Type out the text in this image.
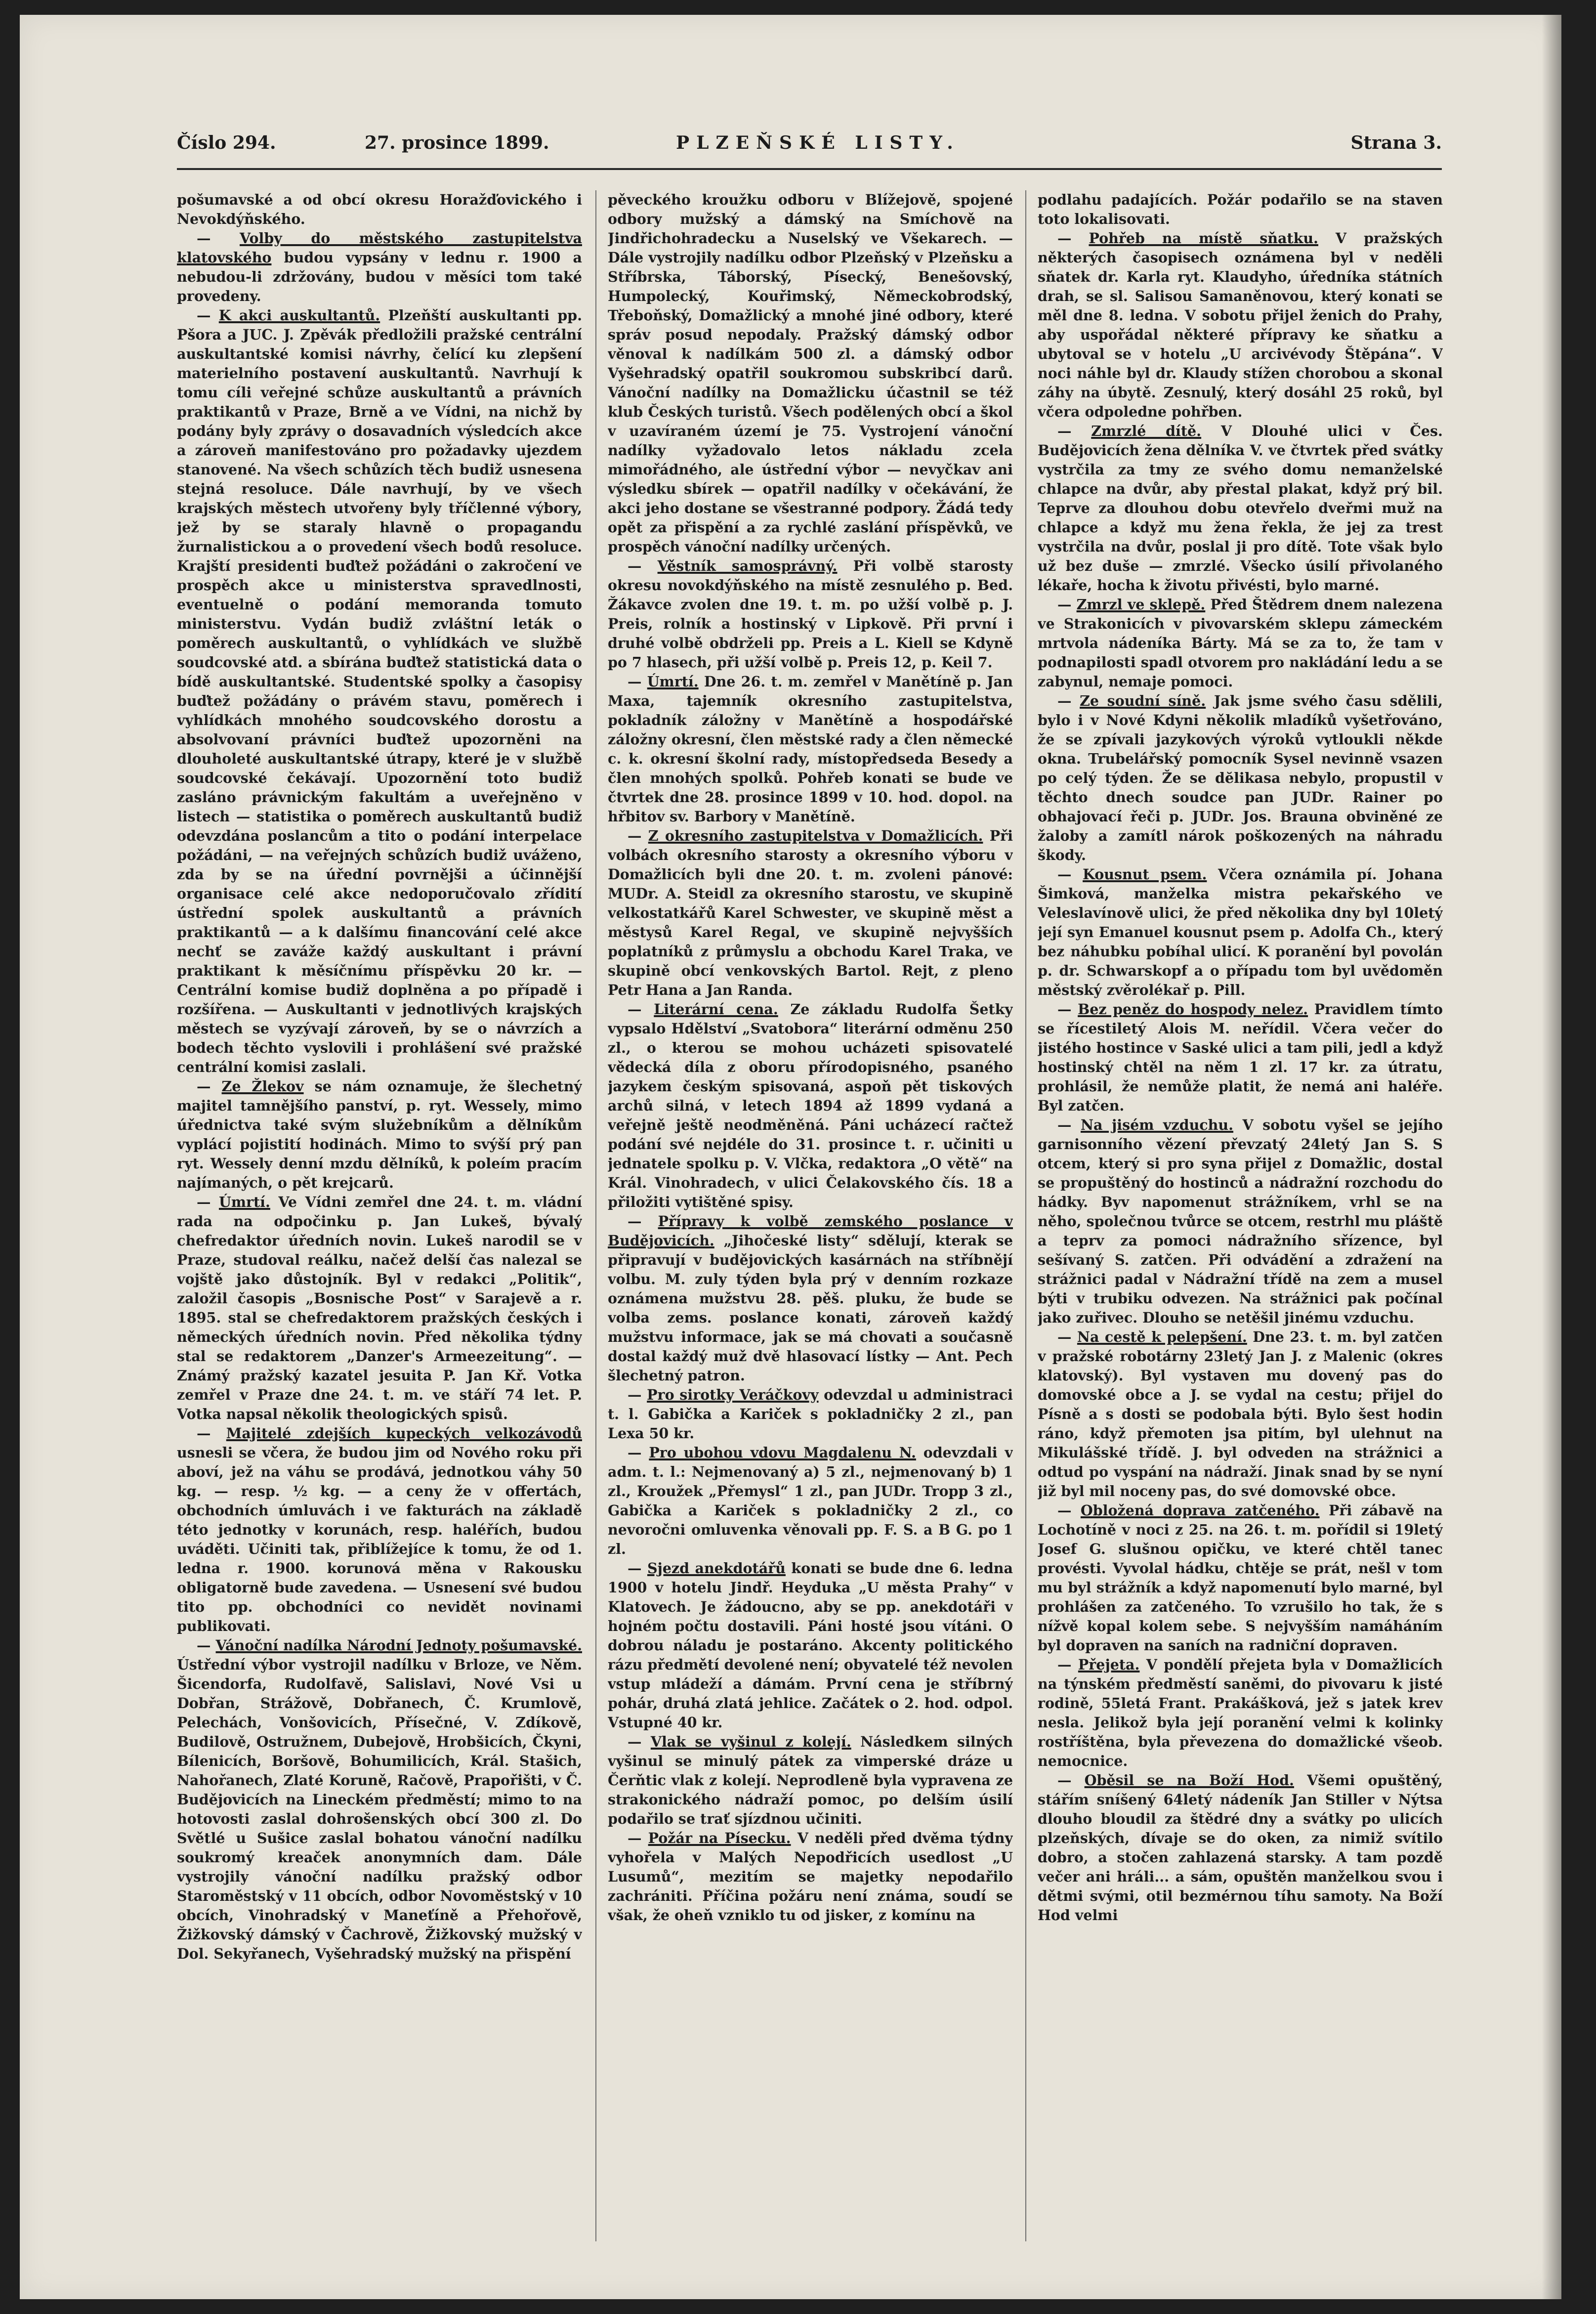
Číslo 294.	27. prosince 1899.	PLZEŇSKÉ LISTY.	Strana 3.

pošumavské a od obcí okresu Horažďovického i Nevokdýňského.

— Volby do městského zastupitelstva klatovského budou vypsány v lednu r. 1900 a nebudou-li zdržovány, budou v měsíci tom také provedeny.

— K akci auskultantů. Plzeňští auskultanti pp. Pšora a JUC. J. Zpěvák předložili pražské centrální auskultantské komisi návrhy, čelící ku zlepšení materielního postavení auskultantů. Navrhují k tomu cíli veřejné schůze auskultantů a právních praktikantů v Praze, Brně a ve Vídni, na nichž by podány byly zprávy o dosavadních výsledcích akce a zároveň manifestováno pro požadavky ujezdem stanovené. Na všech schůzích těch budiž usnesena stejná resoluce. Dále navrhují, by ve všech krajských městech utvořeny byly tříčlenné výbory, jež by se staraly hlavně o propagandu žurnalistickou a o provedení všech bodů resoluce. Krajští presidenti buďtež požádáni o zakročení ve prospěch akce u ministerstva spravedlnosti, eventuelně o podání memoranda tomuto ministerstvu. Vydán budiž zvláštní leták o poměrech auskultantů, o vyhlídkách ve službě soudcovské atd. a sbírána buďtež statistická data o bídě auskultantské. Studentské spolky a časopisy buďtež požádány o právém stavu, poměrech i vyhlídkách mnohého soudcovského dorostu a absolvovaní právníci buďtež upozorněni na dlouholeté auskultantské útrapy, které je v službě soudcovské čekávají. Upozornění toto budiž zasláno právnickým fakultám a uveřejněno v listech — statistika o poměrech auskultantů budiž odevzdána poslancům a tito o podání interpelace požádáni, — na veřejných schůzích budiž uváženo, zda by se na úřední povrnějši a účinnější organisace celé akce nedoporučovalo zřídití ústřední spolek auskultantů a právních praktikantů — a k dalšímu financování celé akce nechť se zaváže každý auskultant i právní praktikant k měsíčnímu příspěvku 20 kr. — Centrální komise budiž doplněna a po případě i rozšířena. — Auskultanti v jednotlivých krajských městech se vyzývají zároveň, by se o návrzích a bodech těchto vyslovili i prohlášení své pražské centrální komisi zaslali.

— Ze Žlekov se nám oznamuje, že šlechetný majitel tamnějšího panství, p. ryt. Wessely, mimo úřednictva také svým služebníkům a dělníkům vyplácí pojistití hodinách. Mimo to svýší prý pan ryt. Wessely denní mzdu dělníků, k poleím pracím najímaných, o pět krejcarů.

— Úmrtí. Ve Vídni zemřel dne 24. t. m. vládní rada na odpočinku p. Jan Lukeš, bývalý chefredaktor úředních novin. Lukeš narodil se v Praze, studoval reálku, načež delší čas nalezal se vojště jako důstojník. Byl v redakci „Politik“, založil časopis „Bosnische Post“ v Sarajevě a r. 1895. stal se chefredaktorem pražských českých i německých úředních novin. Před několika týdny stal se redaktorem „Danzer's Armeezeitung“. — Známý pražský kazatel jesuita P. Jan Kř. Votka zemřel v Praze dne 24. t. m. ve stáří 74 let. P. Votka napsal několik theologických spisů.

— Majitelé zdejších kupeckých velkozávodů usnesli se včera, že budou jim od Nového roku při aboví, jež na váhu se prodává, jednotkou váhy 50 kg. — resp. ½ kg. — a ceny že v offertách, obchodních úmluvách i ve fakturách na základě této jednotky v korunách, resp. haléřích, budou uváděti. Učiniti tak, přiblížejíce k tomu, že od 1. ledna r. 1900. korunová měna v Rakousku obligatorně bude zavedena. — Usnesení své budou tito pp. obchodníci co nevidět novinami publikovati.

— Vánoční nadílka Národní Jednoty pošumavské. Ústřední výbor vystrojil nadílku v Brloze, ve Něm. Šicendorfa, Rudolfavě, Salislavi, Nové Vsi u Dobřan, Strážově, Dobřanech, Č. Krumlově, Pelechách, Vonšovicích, Přísečné, V. Zdíkově, Budilově, Ostružnem, Dubejově, Hrobšicích, Čkyni, Bílenicích, Boršově, Bohumilicích, Král. Stašich, Nahořanech, Zlaté Koruně, Račově, Prapořišti, v Č. Budějovicích na Lineckém předměstí; mimo to na hotovosti zaslal dohrošenských obcí 300 zl. Do Světlé u Sušice zaslal bohatou vánoční nadílku soukromý kreaček anonymních dam. Dále vystrojily vánoční nadílku pražský odbor Staroměstský v 11 obcích, odbor Novoměstský v 10 obcích, Vinohradský v Maneťíně a Přehořově, Žižkovský dámský v Čachrově, Žižkovský mužský v Dol. Sekyřanech, Vyšehradský mužský na přispění

pěveckého kroužku odboru v Blížejově, spojené odbory mužský a dámský na Smíchově na Jindřichohradecku a Nuselský ve Všekarech. — Dále vystrojily nadílku odbor Plzeňský v Plzeňsku a Stříbrska, Táborský, Písecký, Benešovský, Humpolecký, Kouřimský, Německobrodský, Třeboňský, Domažlický a mnohé jiné odbory, které správ posud nepodaly. Pražský dámský odbor věnoval k nadílkám 500 zl. a dámský odbor Vyšehradský opatřil soukromou subskribcí darů. Vánoční nadílky na Domažlicku účastnil se též klub Českých turistů. Všech podělených obcí a škol v uzavíraném území je 75. Vystrojení vánoční nadílky vyžadovalo letos nákladu zcela mimořádného, ale ústřední výbor — nevyčkav ani výsledku sbírek — opatřil nadílky v očekávání, že akci jeho dostane se všestranné podpory. Žádá tedy opět za přispění a za rychlé zaslání příspěvků, ve prospěch vánoční nadílky určených.

— Věstník samosprávný. Při volbě starosty okresu novokdýňského na místě zesnulého p. Bed. Žákavce zvolen dne 19. t. m. po užší volbě p. J. Preis, rolník a hostinský v Lipkově. Při první i druhé volbě obdrželi pp. Preis a L. Kiell se Kdyně po 7 hlasech, při užší volbě p. Preis 12, p. Keil 7.

— Úmrtí. Dne 26. t. m. zemřel v Manětíně p. Jan Maxa, tajemník okresního zastupitelstva, pokladník záložny v Manětíně a hospodářské záložny okresní, člen městské rady a člen německé c. k. okresní školní rady, místopředseda Besedy a člen mnohých spolků. Pohřeb konati se bude ve čtvrtek dne 28. prosince 1899 v 10. hod. dopol. na hřbitov sv. Barbory v Manětíně.

— Z okresního zastupitelstva v Domažlicích. Při volbách okresního starosty a okresního výboru v Domažlicích byli dne 20. t. m. zvoleni pánové: MUDr. A. Steidl za okresního starostu, ve skupině velkostatkářů Karel Schwester, ve skupině měst a městysů Karel Regal, ve skupině nejvyšších poplatníků z průmyslu a obchodu Karel Traka, ve skupině obcí venkovských Bartol. Rejt, z pleno Petr Hana a Jan Randa.

— Literární cena. Ze základu Rudolfa Šetky vypsalo Hdělství „Svatobora“ literární odměnu 250 zl., o kterou se mohou ucházeti spisovatelé vědecká díla z oboru přírodopisného, psaného jazykem českým spisovaná, aspoň pět tiskových archů silná, v letech 1894 až 1899 vydaná a veřejně ještě neodměněná. Páni ucházecí račtež podání své nejdéle do 31. prosince t. r. učiniti u jednatele spolku p. V. Vlčka, redaktora „O větě“ na Král. Vinohradech, v ulici Čelakovského čís. 18 a přiložiti vytištěné spisy.

— Přípravy k volbě zemského poslance v Budějovicích. „Jihočeské listy“ sdělují, kterak se připravují v budějovických kasárnách na stříbnějí volbu. M. zuly týden byla prý v denním rozkaze oznámena mužstvu 28. pěš. pluku, že bude se volba zems. poslance konati, zároveň každý mužstvu informace, jak se má chovati a současně dostal každý muž dvě hlasovací lístky — Ant. Pech šlechetný patron.

— Pro sirotky Veráčkovy odevzdal u administraci t. l. Gabička a Kariček s pokladničky 2 zl., pan Lexa 50 kr.

— Pro ubohou vdovu Magdalenu N. odevzdali v adm. t. l.: Nejmenovaný a) 5 zl., nejmenovaný b) 1 zl., Kroužek „Přemysl“ 1 zl., pan JUDr. Tropp 3 zl., Gabička a Kariček s pokladničky 2 zl., co nevoročni omluvenka věnovali pp. F. S. a B G. po 1 zl.

— Sjezd anekdotářů konati se bude dne 6. ledna 1900 v hotelu Jindř. Heyduka „U města Prahy“ v Klatovech. Je žádoucno, aby se pp. anekdotáři v hojném počtu dostavili. Páni hosté jsou vítáni. O dobrou náladu je postaráno. Akcenty politického rázu předmětí devolené není; obyvatelé též nevolen vstup mládeží a dámám. První cena je stříbrný pohár, druhá zlatá jehlice. Začátek o 2. hod. odpol. Vstupné 40 kr.

— Vlak se vyšinul z kolejí. Následkem silných vyšinul se minulý pátek za vimperské dráze u Čerňtic vlak z kolejí. Neprodleně byla vypravena ze strakonického nádraží pomoc, po delším úsilí podařilo se trať sjízdnou učiniti.

— Požár na Písecku. V neděli před dvěma týdny vyhořela v Malých Nepodřicích usedlost „U Lusumů“, mezitím se majetky nepodařilo zachrániti. Příčina požáru není známa, soudí se však, že oheň vzniklo tu od jisker, z komínu na

podlahu padajících. Požár podařilo se na staven toto lokalisovati.

— Pohřeb na místě sňatku. V pražských některých časopisech oznámena byl v neděli sňatek dr. Karla ryt. Klaudyho, úředníka státních drah, se sl. Salisou Samaněnovou, který konati se měl dne 8. ledna. V sobotu přijel ženich do Prahy, aby uspořádal některé přípravy ke sňatku a ubytoval se v hotelu „U arcivévody Štěpána“. V noci náhle byl dr. Klaudy stížen chorobou a skonal záhy na úbytě. Zesnulý, který dosáhl 25 roků, byl včera odpoledne pohřben.

— Zmrzlé dítě. V Dlouhé ulici v Čes. Budějovicích žena dělníka V. ve čtvrtek před svátky vystrčila za tmy ze svého domu nemanželské chlapce na dvůr, aby přestal plakat, když prý bil. Teprve za dlouhou dobu otevřelo dveřmi muž na chlapce a když mu žena řekla, že jej za trest vystrčila na dvůr, poslal ji pro dítě. Tote však bylo už bez duše — zmrzlé. Všecko úsilí přivolaného lékaře, hocha k životu přivésti, bylo marné.

— Zmrzl ve sklepě. Před Štědrem dnem nalezena ve Strakonicích v pivovarském sklepu zámeckém mrtvola nádeníka Bárty. Má se za to, že tam v podnapilosti spadl otvorem pro nakládání ledu a se zabynul, nemaje pomoci.

— Ze soudní síně. Jak jsme svého času sdělili, bylo i v Nové Kdyni několik mladíků vyšetřováno, že se zpívali jazykových výroků vytloukli někde okna. Trubelářský pomocník Sysel nevinně vsazen po celý týden. Že se dĕlikasa nebylo, propustil v těchto dnech soudce pan JUDr. Rainer po obhajovací řeči p. JUDr. Jos. Brauna obviněné ze žaloby a zamítl nárok poškozených na náhradu škody.

— Kousnut psem. Včera oznámila pí. Johana Šimková, manželka mistra pekařského ve Veleslavínově ulici, že před několika dny byl 10letý její syn Emanuel kousnut psem p. Adolfa Ch., který bez náhubku pobíhal ulicí. K poranění byl povolán p. dr. Schwarskopf a o případu tom byl uvědoměn městský zvěrolékař p. Pill.

— Bez peněz do hospody nelez. Pravidlem tímto se řícestiletý Alois M. neřídil. Včera večer do jistého hostince v Saské ulici a tam pili, jedl a když hostinský chtěl na něm 1 zl. 17 kr. za útratu, prohlásil, že nemůže platit, že nemá ani haléře. Byl zatčen.

— Na jisém vzduchu. V sobotu vyšel se jejího garnisonního vězení převzatý 24letý Jan S. S otcem, který si pro syna přijel z Domažlic, dostal se propuštěný do hostinců a nádražní rozchodu do hádky. Byv napomenut strážníkem, vrhl se na něho, společnou tvůrce se otcem, restrhl mu pláště a teprv za pomoci nádražního sřízence, byl sešívaný S. zatčen. Při odvádění a zdražení na strážnici padal v Nádražní třídě na zem a musel býti v trubiku odvezen. Na strážnici pak počínal jako zuřivec. Dlouho se netěšil jinému vzduchu.

— Na cestě k pelepšení. Dne 23. t. m. byl zatčen v pražské robotárny 23letý Jan J. z Malenic (okres klatovský). Byl vystaven mu dovený pas do domovské obce a J. se vydal na cestu; přijel do Písně a s dosti se podobala býti. Bylo šest hodin ráno, když přemoten jsa pitím, byl ulehnut na Mikulášské třídě. J. byl odveden na strážnici a odtud po vyspání na nádraží. Jinak snad by se nyní již byl mil noceny pas, do své domovské obce.

— Obložená doprava zatčeného. Při zábavě na Lochotíně v noci z 25. na 26. t. m. pořídil si 19letý Josef G. slušnou opičku, ve které chtěl tanec provésti. Vyvolal hádku, chtěje se prát, nešl v tom mu byl strážník a když napomenutí bylo marné, byl prohlášen za zatčeného. To vzrušilo ho tak, že s nížvě kopal kolem sebe. S nejvyšším namáháním byl dopraven na saních na radniční dopraven.

— Přejeta. V pondělí přejeta byla v Domažlicích na týnském předměstí saněmi, do pivovaru k jisté rodině, 55letá Frant. Prakášková, jež s jatek krev nesla. Jelikož byla její poranění velmi k kolinky rostříštěna, byla převezena do domažlické všeob. nemocnice.

— Oběsil se na Boží Hod. Všemi opuštěný, stářím sníšený 64letý nádeník Jan Stiller v Nýtsa dlouho bloudil za štědré dny a svátky po ulicích plzeňských, dívaje se do oken, za nimiž svítilo dobro, a stočen zahlazená starsky. A tam pozdě večer ani hráli... a sám, opuštěn manželkou svou i dětmi svými, otil bezmérnou tíhu samoty. Na Boží Hod velmi
